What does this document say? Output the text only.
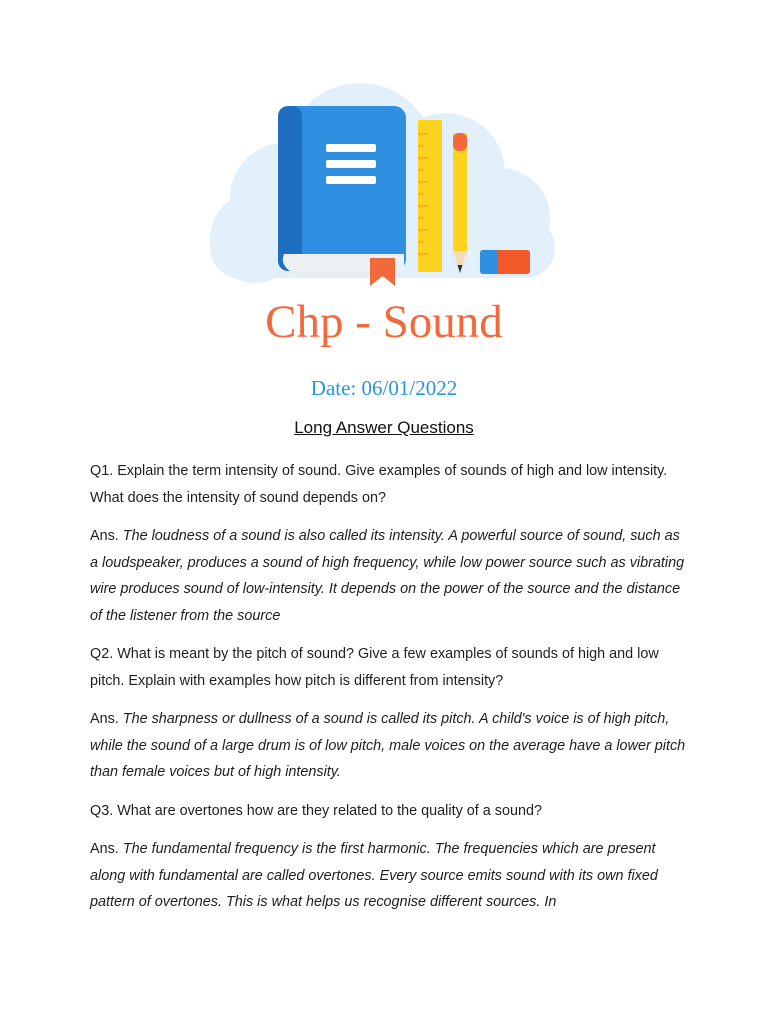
Chp - Sound
Date: 06/01/2022
Long Answer Questions

Q1. Explain the term intensity of sound. Give examples of sounds of high and low intensity. What does the intensity of sound depends on?

Ans. The loudness of a sound is also called its intensity. A powerful source of sound, such as a loudspeaker, produces a sound of high frequency, while low power source such as vibrating wire produces sound of low-intensity. It depends on the power of the source and the distance of the listener from the source

Q2. What is meant by the pitch of sound? Give a few examples of sounds of high and low pitch. Explain with examples how pitch is different from intensity?

Ans. The sharpness or dullness of a sound is called its pitch. A child's voice is of high pitch, while the sound of a large drum is of low pitch, male voices on the average have a lower pitch than female voices but of high intensity.

Q3. What are overtones how are they related to the quality of a sound?

Ans. The fundamental frequency is the first harmonic. The frequencies which are present along with fundamental are called overtones. Every source emits sound with its own fixed pattern of overtones. This is what helps us recognise different sources. In
